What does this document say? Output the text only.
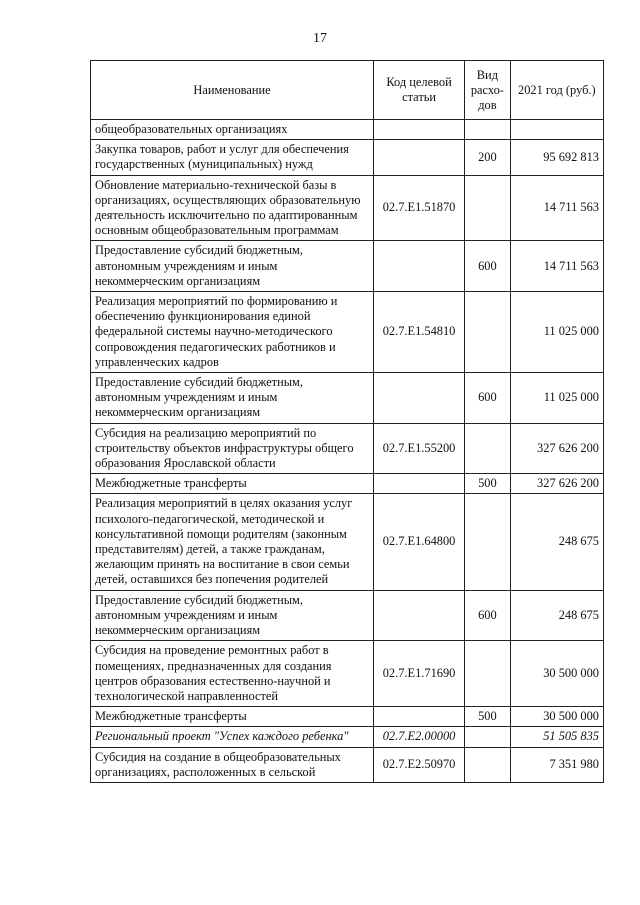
17
Наименование	Код целевой статьи	Вид расхо-дов	2021 год (руб.)
общеобразовательных организациях			
Закупка товаров, работ и услуг для обеспечения государственных (муниципальных) нужд		200	95 692 813
Обновление материально-технической базы в организациях, осуществляющих образовательную деятельность исключительно по адаптированным основным общеобразовательным программам	02.7.Е1.51870		14 711 563
Предоставление субсидий бюджетным, автономным учреждениям и иным некоммерческим организациям		600	14 711 563
Реализация мероприятий по формированию и обеспечению функционирования единой федеральной системы научно-методического сопровождения педагогических работников и управленческих кадров	02.7.Е1.54810		11 025 000
Предоставление субсидий бюджетным, автономным учреждениям и иным некоммерческим организациям		600	11 025 000
Субсидия на реализацию мероприятий по строительству объектов инфраструктуры общего образования Ярославской области	02.7.Е1.55200		327 626 200
Межбюджетные трансферты		500	327 626 200
Реализация мероприятий в целях оказания услуг психолого-педагогической, методической и консультативной помощи родителям (законным представителям) детей, а также гражданам, желающим принять на воспитание в свои семьи детей, оставшихся без попечения родителей	02.7.Е1.64800		248 675
Предоставление субсидий бюджетным, автономным учреждениям и иным некоммерческим организациям		600	248 675
Субсидия на проведение ремонтных работ в помещениях, предназначенных для создания центров образования естественно-научной и технологической направленностей	02.7.Е1.71690		30 500 000
Межбюджетные трансферты		500	30 500 000
Региональный проект "Успех каждого ребенка"	02.7.Е2.00000		51 505 835
Субсидия на создание в общеобразовательных организациях, расположенных в сельской	02.7.Е2.50970		7 351 980
